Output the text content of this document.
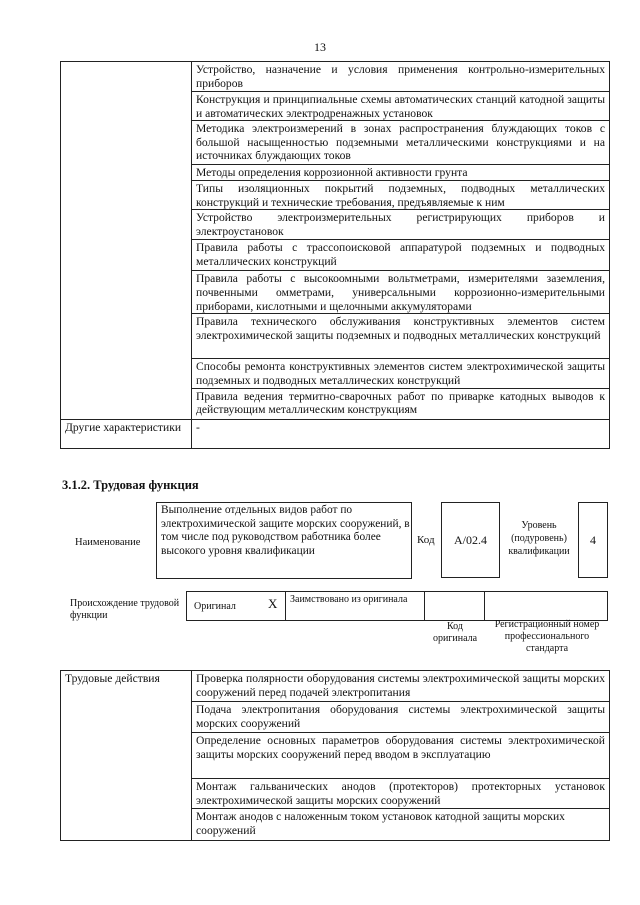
13
	Устройство, назначение и условия применения контрольно-измерительных приборов
	Конструкция и принципиальные схемы автоматических станций катодной защиты и автоматических электродренажных установок
	Методика электроизмерений в зонах распространения блуждающих токов с большой насыщенностью подземными металлическими конструкциями и на источниках блуждающих токов
	Методы определения коррозионной активности грунта
	Типы изоляционных покрытий подземных, подводных металлических конструкций и технические требования, предъявляемые к ним
	Устройство электроизмерительных регистрирующих приборов и электроустановок
	Правила работы с трассопоисковой аппаратурой подземных и подводных металлических конструкций
	Правила работы с высокоомными вольтметрами, измерителями заземления, почвенными омметрами, универсальными коррозионно-измерительными приборами, кислотными и щелочными аккумуляторами
	Правила технического обслуживания конструктивных элементов систем электрохимической защиты подземных и подводных металлических конструкций
	Способы ремонта конструктивных элементов систем электрохимической защиты подземных и подводных металлических конструкций
	Правила ведения термитно-сварочных работ по приварке катодных выводов к действующим металлическим конструкциям
Другие характеристики	-
3.1.2. Трудовая функция
Наименование
Выполнение отдельных видов работ по электрохимической защите морских сооружений, в том числе под руководством работника более высокого уровня квалификации
Код	A/02.4
Уровень (подуровень) квалификации
4
Происхождение трудовой функции
Оригинал X Заимствовано из оригинала
Код оригинала
Регистрационный номер профессионального стандарта
Трудовые действия	Проверка полярности оборудования системы электрохимической защиты морских сооружений перед подачей электропитания
Подача электропитания оборудования системы электрохимической защиты морских сооружений
Определение основных параметров оборудования системы электрохимической защиты морских сооружений перед вводом в эксплуатацию
Монтаж гальванических анодов (протекторов) протекторных установок электрохимической защиты морских сооружений
Монтаж анодов с наложенным током установок катодной защиты морских сооружений
